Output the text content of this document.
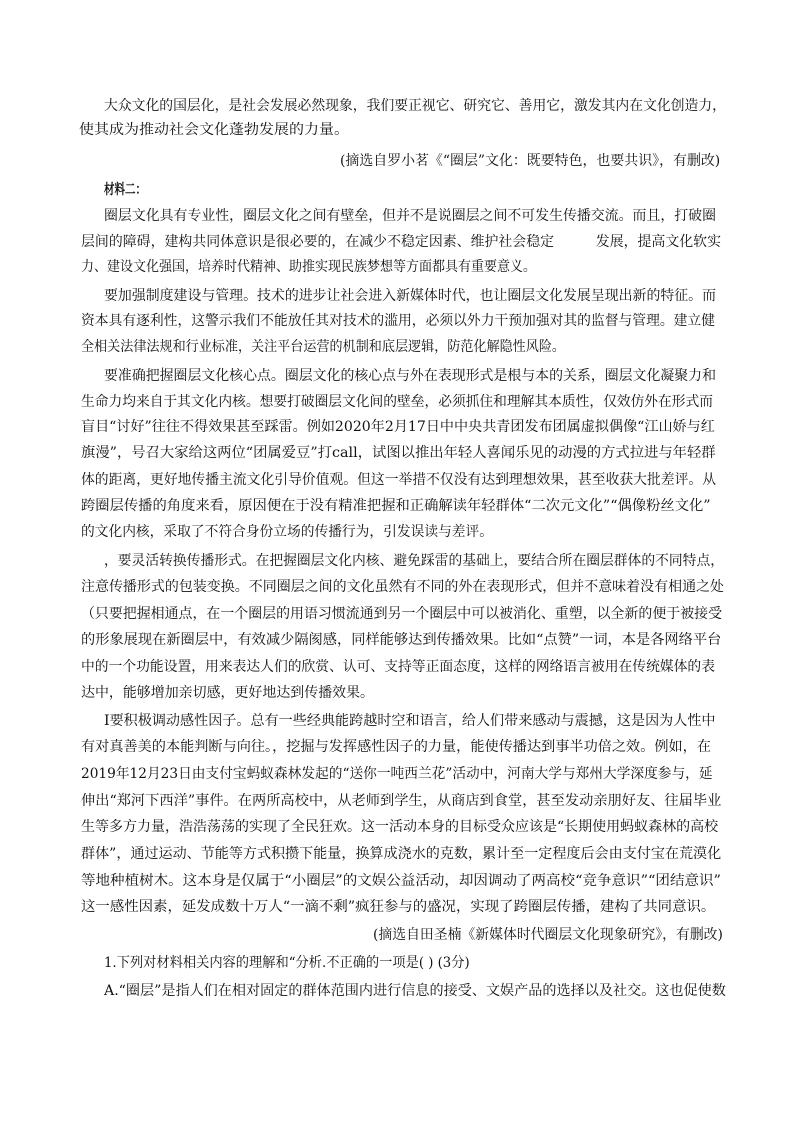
大众文化的国层化，是社会发展必然现象，我们要正视它、研究它、善用它，激发其内在文化创造力，
使其成为推动社会文化蓬勃发展的力量。
(摘选自罗小茗《“圈层”文化：既要特色，也要共识》，有删改)
材料二：
圈层文化具有专业性，圈层文化之间有壁垒，但并不是说圈层之间不可发生传播交流。而且，打破圈
层间的障碍，建构共同体意识是很必要的，在减少不稳定因素、维护社会稳定　　　发展，提高文化软实
力、建设文化强国，培养时代精神、助推实现民族梦想等方面都具有重要意义。
要加强制度建设与管理。技术的进步让社会进入新媒体时代，也让圈层文化发展呈现出新的特征。而
资本具有逐利性，这警示我们不能放任其对技术的滥用，必须以外力干预加强对其的监督与管理。建立健
全相关法律法规和行业标准，关注平台运营的机制和底层逻辑，防范化解隐性风险。
要准确把握圈层文化核心点。圈层文化的核心点与外在表现形式是根与本的关系，圈层文化凝聚力和
生命力均来自于其文化内核。想要打破圈层文化间的壁垒，必须抓住和理解其本质性，仅效仿外在形式而
盲目“讨好”往往不得效果甚至踩雷。例如2020年2月17日中中央共青团发布团属虚拟偶像“江山娇与红
旗漫”，号召大家给这两位“团属爱豆”打call，试图以推出年轻人喜闻乐见的动漫的方式拉进与年轻群
体的距离，更好地传播主流文化引导价值观。但这一举措不仅没有达到理想效果，甚至收获大批差评。从
跨圈层传播的角度来看，原因便在于没有精准把握和正确解读年轻群体“二次元文化”“偶像粉丝文化”
的文化内核，采取了不符合身份立场的传播行为，引发误读与差评。
，要灵活转换传播形式。在把握圈层文化内核、避免踩雷的基础上，要结合所在圈层群体的不同特点，
注意传播形式的包装变换。不同圈层之间的文化虽然有不同的外在表现形式，但并不意味着没有相通之处
（只要把握相通点，在一个圈层的用语习惯流通到另一个圈层中可以被消化、重塑，以全新的便于被接受
的形象展现在新圈层中，有效减少隔阂感，同样能够达到传播效果。比如“点赞”一词，本是各网络平台
中的一个功能设置，用来表达人们的欣赏、认可、支持等正面态度，这样的网络语言被用在传统媒体的表
达中，能够增加亲切感，更好地达到传播效果。
I要积极调动感性因子。总有一些经典能跨越时空和语言，给人们带来感动与震撼，这是因为人性中
有对真善美的本能判断与向往。，挖掘与发挥感性因子的力量，能使传播达到事半功倍之效。例如，在
2019年12月23日由支付宝蚂蚁森林发起的“送你一吨西兰花”活动中，河南大学与郑州大学深度参与，延
伸出“郑河下西洋”事件。在两所高校中，从老师到学生，从商店到食堂，甚至发动亲朋好友、往届毕业
生等多方力量，浩浩荡荡的实现了全民狂欢。这一活动本身的目标受众应该是“长期使用蚂蚁森林的高校
群体”，通过运动、节能等方式积攒下能量，换算成浇水的克数，累计至一定程度后会由支付宝在荒漠化
等地种植树木。这本身是仅属于“小圈层”的文娱公益活动，却因调动了两高校“竞争意识”“团结意识”
这一感性因素，延发成数十万人“一滴不剩”疯狂参与的盛况，实现了跨圈层传播，建构了共同意识。
(摘选自田圣楠《新媒体时代圈层文化现象研究》，有删改)
1.下列对材料相关内容的理解和“分析.不正确的一项是( ) (3分)
A.“圈层”是指人们在相对固定的群体范围内进行信息的接受、文娱产品的选择以及社交。这也促使数
